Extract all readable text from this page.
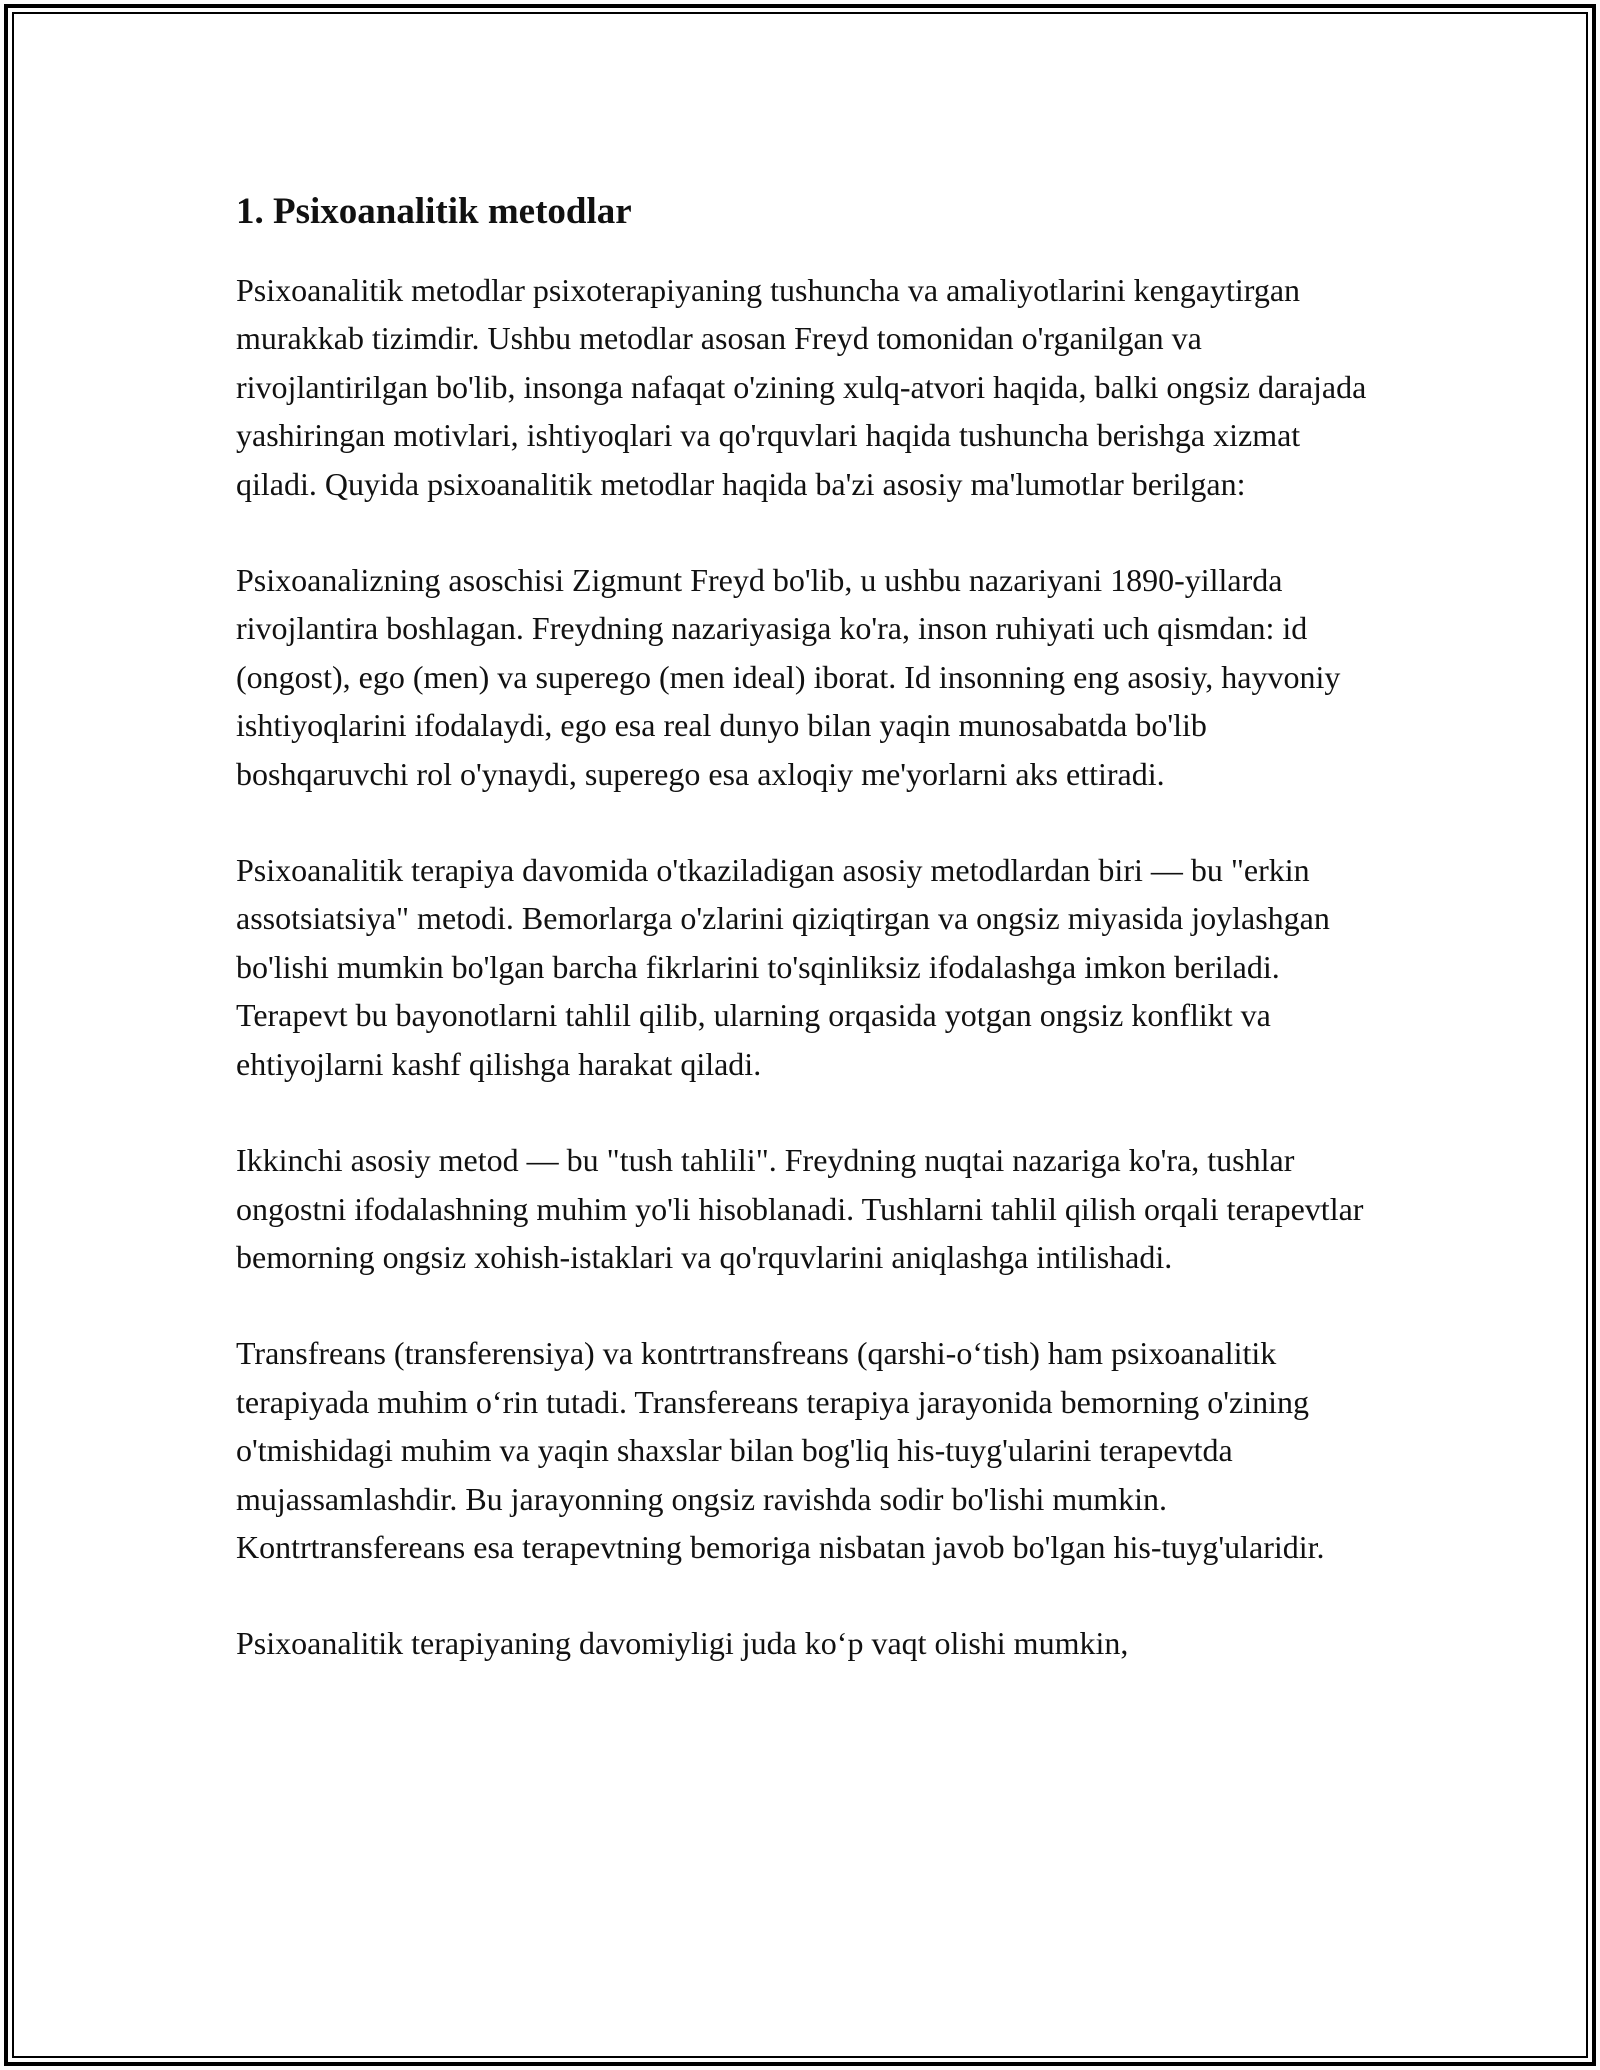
1. Psixoanalitik metodlar

Psixoanalitik metodlar psixoterapiyaning tushuncha va amaliyotlarini kengaytirgan murakkab tizimdir. Ushbu metodlar asosan Freyd tomonidan o'rganilgan va rivojlantirilgan bo'lib, insonga nafaqat o'zining xulq-atvori haqida, balki ongsiz darajada yashiringan motivlari, ishtiyoqlari va qo'rquvlari haqida tushuncha berishga xizmat qiladi. Quyida psixoanalitik metodlar haqida ba'zi asosiy ma'lumotlar berilgan:

Psixoanalizning asoschisi Zigmunt Freyd bo'lib, u ushbu nazariyani 1890-yillarda rivojlantira boshlagan. Freydning nazariyasiga ko'ra, inson ruhiyati uch qismdan: id (ongost), ego (men) va superego (men ideal) iborat. Id insonning eng asosiy, hayvoniy ishtiyoqlarini ifodalaydi, ego esa real dunyo bilan yaqin munosabatda bo'lib boshqaruvchi rol o'ynaydi, superego esa axloqiy me'yorlarni aks ettiradi.

Psixoanalitik terapiya davomida o'tkaziladigan asosiy metodlardan biri — bu "erkin assotsiatsiya" metodi. Bemorlarga o'zlarini qiziqtirgan va ongsiz miyasida joylashgan bo'lishi mumkin bo'lgan barcha fikrlarini to'sqinliksiz ifodalashga imkon beriladi. Terapevt bu bayonotlarni tahlil qilib, ularning orqasida yotgan ongsiz konflikt va ehtiyojlarni kashf qilishga harakat qiladi.

Ikkinchi asosiy metod — bu "tush tahlili". Freydning nuqtai nazariga ko'ra, tushlar ongostni ifodalashning muhim yo'li hisoblanadi. Tushlarni tahlil qilish orqali terapevtlar bemorning ongsiz xohish-istaklari va qo'rquvlarini aniqlashga intilishadi.

Transfreans (transferensiya) va kontrtransfreans (qarshi-o‘tish) ham psixoanalitik terapiyada muhim o‘rin tutadi. Transfereans terapiya jarayonida bemorning o'zining o'tmishidagi muhim va yaqin shaxslar bilan bog'liq his-tuyg'ularini terapevtda mujassamlashdir. Bu jarayonning ongsiz ravishda sodir bo'lishi mumkin. Kontrtransfereans esa terapevtning bemoriga nisbatan javob bo'lgan his-tuyg'ularidir.

Psixoanalitik terapiyaning davomiyligi juda ko‘p vaqt olishi mumkin,
